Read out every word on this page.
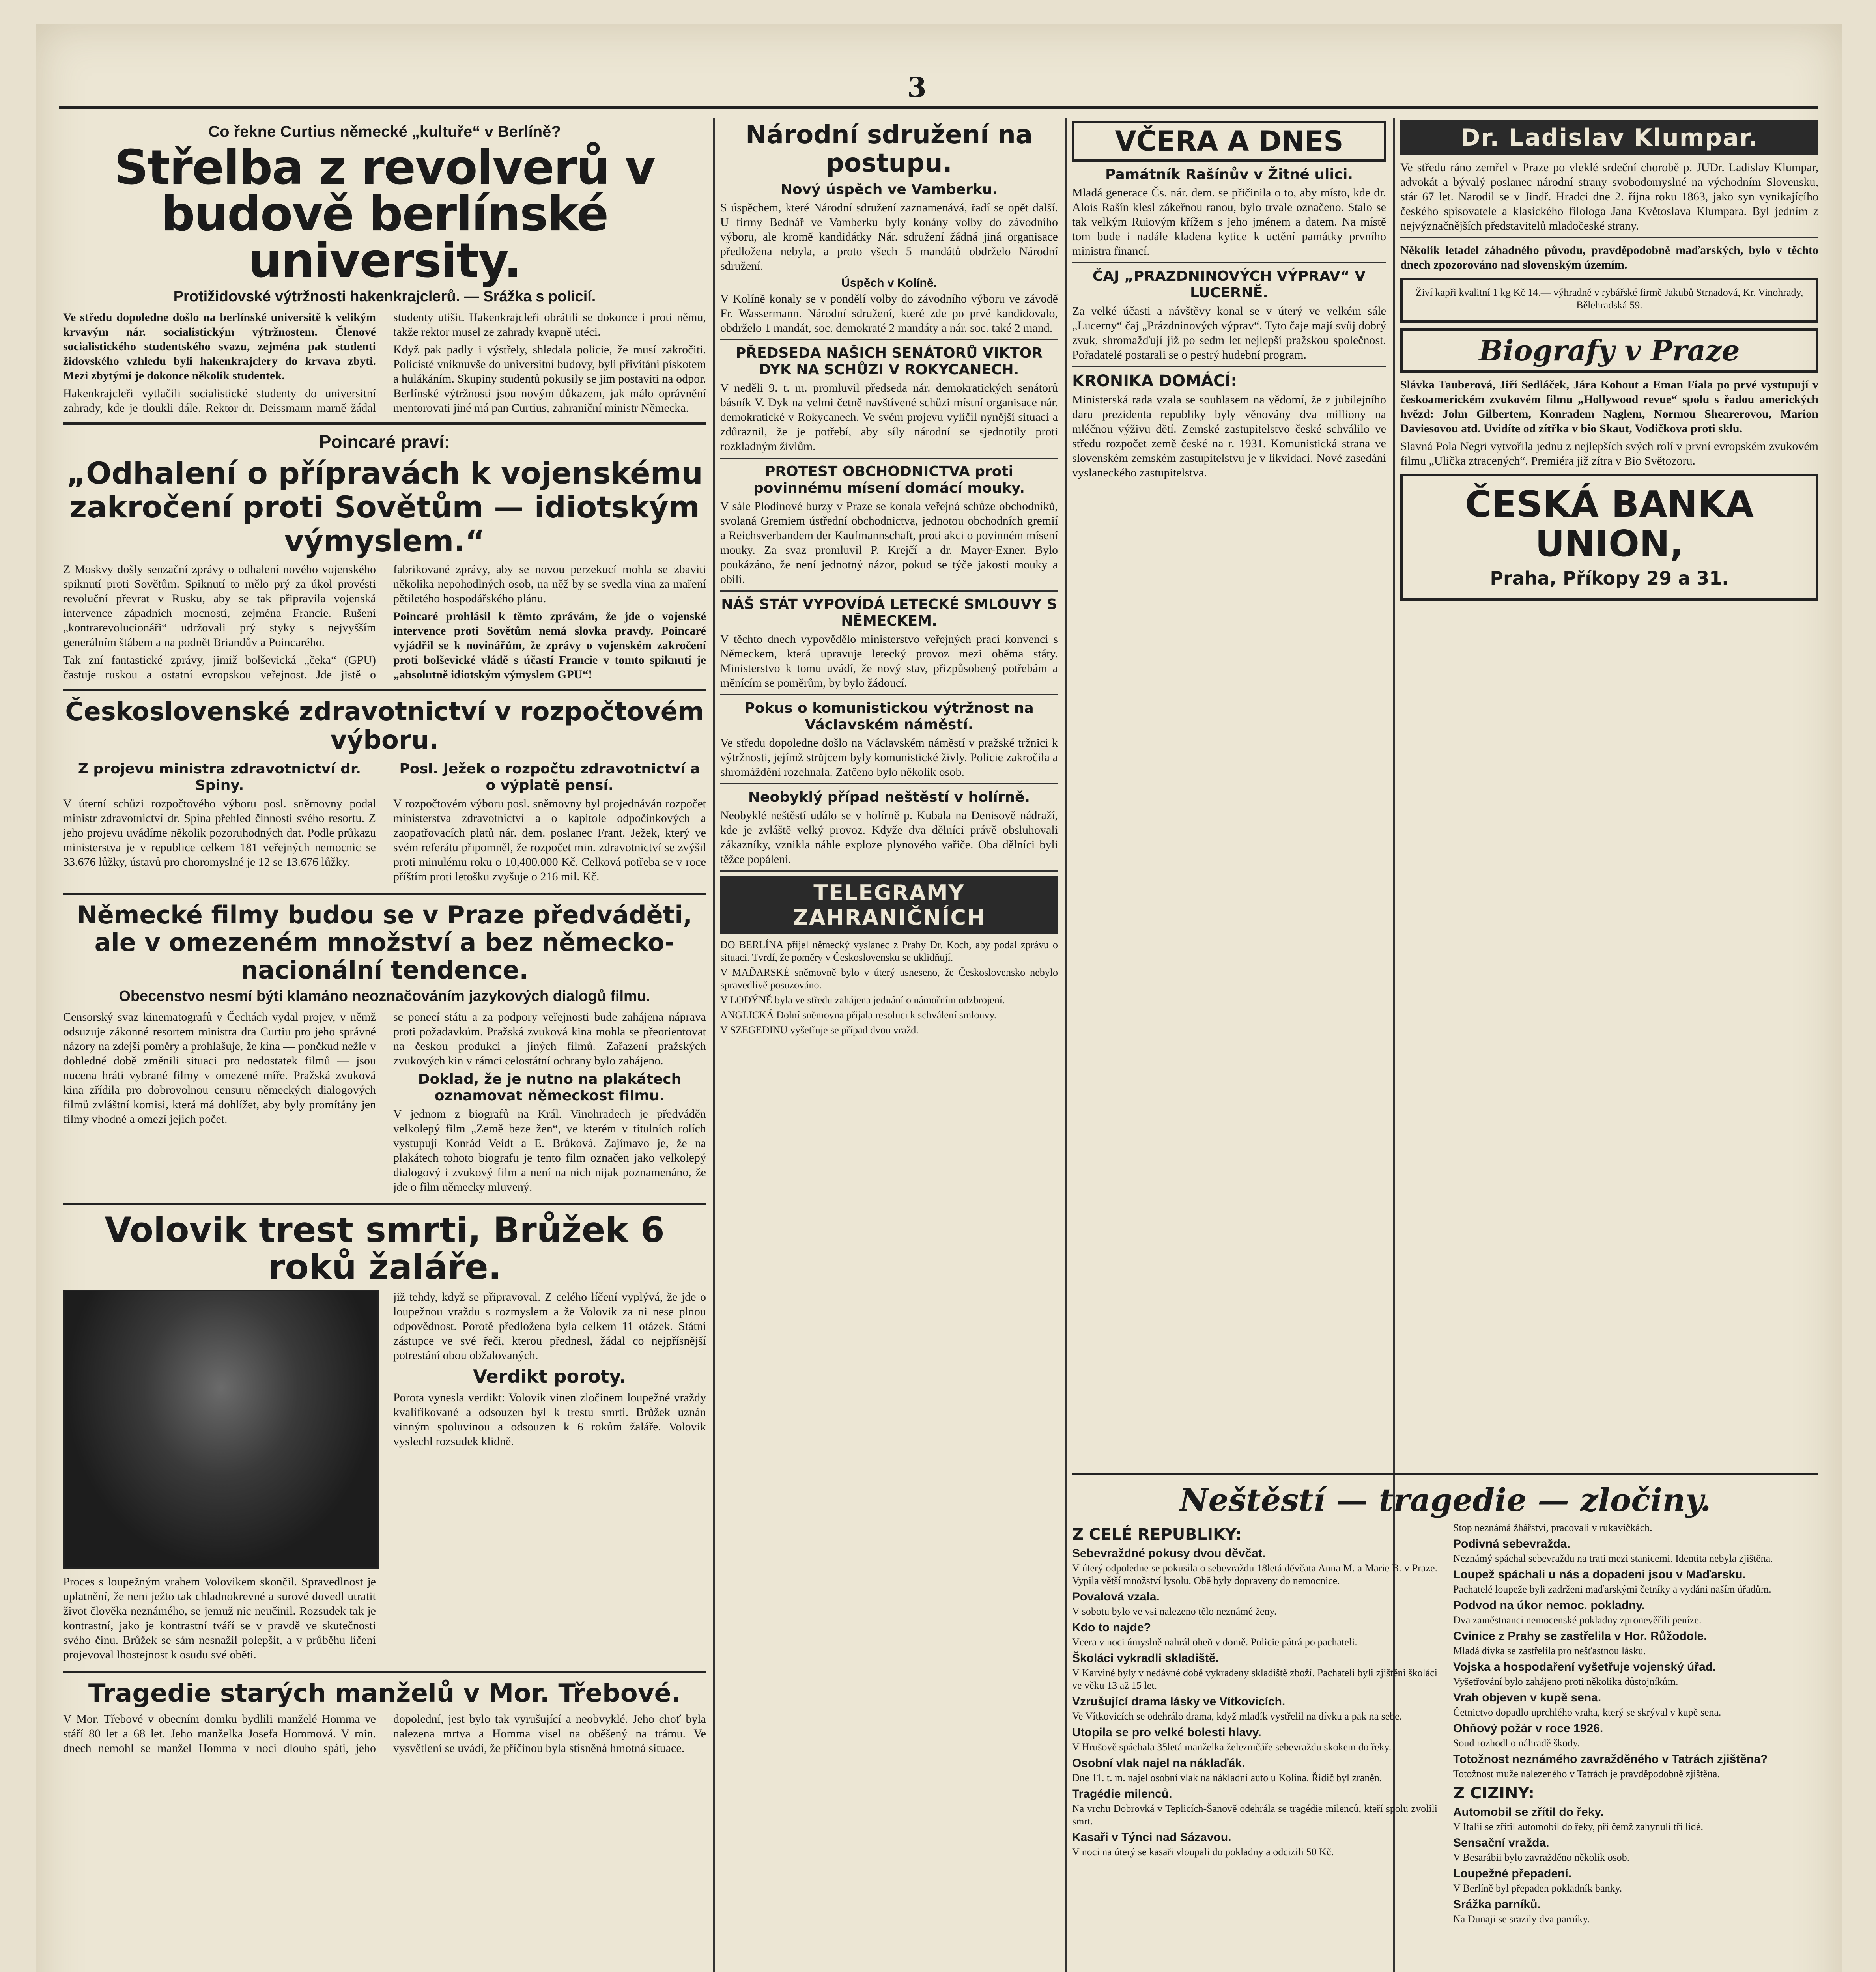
3
Co řekne Curtius německé „kultuře“ v Berlíně?
Střelba z revolverů v budově berlínské university.
Protižidovské výtržnosti hakenkrajclerů. — Srážka s policií.

Ve středu dopoledne došlo na berlínské universitě k velikým krvavým nár. socialistickým výtržnostem. Členové socialistického studentského svazu, zejména pak studenti židovského vzhledu byli hakenkrajclery do krvava zbyti. Mezi zbytými je dokonce několik studentek.

Hakenkrajcleři vytlačili socialistické studenty do universitní zahrady, kde je tloukli dále. Rektor dr. Deissmann marně žádal studenty utišit. Hakenkrajcleři obrátili se dokonce i proti němu, takže rektor musel ze zahrady kvapně utéci.

Když pak padly i výstřely, shledala policie, že musí zakročiti. Policisté vniknuvše do universitní budovy, byli přivítáni pískotem a hulákáním. Skupiny studentů pokusily se jim postaviti na odpor. Berlínské výtržnosti jsou novým důkazem, jak málo oprávnění mentorovati jiné má pan Curtius, zahraniční ministr Německa.

Poincaré praví:
„Odhalení o přípravách k vojenskému zakročení proti Sovětům — idiotským výmyslem.“

Z Moskvy došly senzační zprávy o odhalení nového vojenského spiknutí proti Sovětům. Spiknutí to mělo prý za úkol provésti revoluční převrat v Rusku, aby se tak připravila vojenská intervence západních mocností, zejména Francie. Rušení „kontrarevolucionáři“ udržovali prý styky s nejvyšším generálním štábem a na podnět Briandův a Poincarého.

Tak zní fantastické zprávy, jimiž bolševická „čeka“ (GPU) častuje ruskou a ostatní evropskou veřejnost. Jde jistě o fabrikované zprávy, aby se novou perzekucí mohla se zbaviti několika nepohodlných osob, na něž by se svedla vina za maření pětiletého hospodářského plánu.

Poincaré prohlásil k těmto zprávám, že jde o vojenské intervence proti Sovětům nemá slovka pravdy. Poincaré vyjádřil se k novinářům, že zprávy o vojenském zakročení proti bolševické vládě s účastí Francie v tomto spiknutí je „absolutně idiotským výmyslem GPU“!

Československé zdravotnictví v rozpočtovém výboru.
Z projevu ministra zdravotnictví dr. Spiny.

V úterní schůzi rozpočtového výboru posl. sněmovny podal ministr zdravotnictví dr. Spina přehled činnosti svého resortu. Z jeho projevu uvádíme několik pozoruhodných dat. Podle průkazu ministerstva je v republice celkem 181 veřejných nemocnic se 33.676 lůžky, ústavů pro choromyslné je 12 se 13.676 lůžky.

Posl. Ježek o rozpočtu zdravotnictví a o výplatě pensí.

V rozpočtovém výboru posl. sněmovny byl projednáván rozpočet ministerstva zdravotnictví a o kapitole odpočinkových a zaopatřovacích platů nár. dem. poslanec Frant. Ježek, který ve svém referátu připomněl, že rozpočet min. zdravotnictví se zvýšil proti minulému roku o 10,400.000 Kč. Celková potřeba se v roce příštím proti letošku zvyšuje o 216 mil. Kč.

Německé filmy budou se v Praze předváděti, ale v omezeném množství a bez německo-nacionální tendence.
Obecenstvo nesmí býti klamáno neoznačováním jazykových dialogů filmu.

Censorský svaz kinematografů v Čechách vydal projev, v němž odsuzuje zákonné resortem ministra dra Curtiu pro jeho správné názory na zdejší poměry a prohlašuje, že kina — pončkud nežle v dohledné době změnili situaci pro nedostatek filmů — jsou nucena hráti vybrané filmy v omezené míře. Pražská zvuková kina zřídila pro dobrovolnou censuru německých dialogových filmů zvláštní komisi, která má dohlížet, aby byly promítány jen filmy vhodné a omezí jejich počet.

se ponecí státu a za podpory veřejnosti bude zahájena náprava proti požadavkům. Pražská zvuková kina mohla se přeorientovat na českou produkci a jiných filmů. Zařazení pražských zvukových kin v rámci celostátní ochrany bylo zahájeno.

Doklad, že je nutno na plakátech oznamovat německost filmu.

V jednom z biografů na Král. Vinohradech je předváděn velkolepý film „Země beze žen“, ve kterém v titulních rolích vystupují Konrád Veidt a E. Brůková. Zajímavo je, že na plakátech tohoto biografu je tento film označen jako velkolepý dialogový i zvukový film a není na nich nijak poznamenáno, že jde o film německy mluvený.

Volovik trest smrti, Brůžek 6 roků žaláře.

Proces s loupežným vrahem Volovikem skončil. Spravedlnost je uplatnění, že neni ježto tak chladnokrevné a surové dovedl utratit život člověka neznámého, se jemuž nic neučinil. Rozsudek tak je kontrastní, jako je kontrastní tváří se v pravdě ve skutečnosti svého činu. Brůžek se sám nesnažil polepšit, a v průběhu líčení projevoval lhostejnost k osudu své oběti.

již tehdy, když se připravoval. Z celého líčení vyplývá, že jde o loupežnou vraždu s rozmyslem a že Volovik za ni nese plnou odpovědnost. Porotě předložena byla celkem 11 otázek. Státní zástupce ve své řeči, kterou přednesl, žádal co nejpřísnější potrestání obou obžalovaných.

Verdikt poroty.

Porota vynesla verdikt: Volovik vinen zločinem loupežné vraždy kvalifikované a odsouzen byl k trestu smrti. Brůžek uznán vinným spoluvinou a odsouzen k 6 rokům žaláře. Volovik vyslechl rozsudek klidně.

Tragedie starých manželů v Mor. Třebové.

V Mor. Třebové v obecním domku bydlili manželé Homma ve stáří 80 let a 68 let. Jeho manželka Josefa Hommová. V min. dnech nemohl se manžel Homma v noci dlouho spáti, jeho dopolední, jest bylo tak vyrušující a neobvyklé. Jeho choť byla nalezena mrtva a Homma visel na oběšený na trámu. Ve vysvětlení se uvádí, že příčinou byla stísněná hmotná situace.

Národní sdružení na postupu.
Nový úspěch ve Vamberku.

S úspěchem, které Národní sdružení zaznamenává, řadí se opět další. U firmy Bednář ve Vamberku byly konány volby do závodního výboru, ale kromě kandidátky Nár. sdružení žádná jiná organisace předložena nebyla, a proto všech 5 mandátů obdrželo Národní sdružení.

Úspěch v Kolíně.

V Kolíně konaly se v pondělí volby do závodního výboru ve závodě Fr. Wassermann. Národní sdružení, které zde po prvé kandidovalo, obdrželo 1 mandát, soc. demokraté 2 mandáty a nár. soc. také 2 mand.

PŘEDSEDA NAŠICH SENÁTORŮ VIKTOR DYK NA SCHŮZI V ROKYCANECH.

V neděli 9. t. m. promluvil předseda nár. demokratických senátorů básník V. Dyk na velmi četně navštívené schůzi místní organisace nár. demokratické v Rokycanech. Ve svém projevu vylíčil nynější situaci a zdůraznil, že je potřebí, aby síly národní se sjednotily proti rozkladným živlům.

PROTEST OBCHODNICTVA proti povinnému mísení domácí mouky.

V sále Plodinové burzy v Praze se konala veřejná schůze obchodníků, svolaná Gremiem ústřední obchodnictva, jednotou obchodních gremií a Reichsverbandem der Kaufmannschaft, proti akci o povinném mísení mouky. Za svaz promluvil P. Krejčí a dr. Mayer-Exner. Bylo poukázáno, že není jednotný názor, pokud se týče jakosti mouky a obilí.

NÁŠ STÁT VYPOVÍDÁ LETECKÉ SMLOUVY S NĚMECKEM.

V těchto dnech vypovědělo ministerstvo veřejných prací konvenci s Německem, která upravuje letecký provoz mezi oběma státy. Ministerstvo k tomu uvádí, že nový stav, přizpůsobený potřebám a měnícím se poměrům, by bylo žádoucí.

Pokus o komunistickou výtržnost na Václavském náměstí.

Ve středu dopoledne došlo na Václavském náměstí v pražské tržnici k výtržnosti, jejímž strůjcem byly komunistické živly. Policie zakročila a shromáždění rozehnala. Zatčeno bylo několik osob.

Neobyklý případ neštěstí v holírně.

Neobyklé neštěstí událo se v holírně p. Kubala na Denisově nádraží, kde je zvláště velký provoz. Kdyže dva dělníci právě obsluhovali zákazníky, vznikla náhle exploze plynového vařiče. Oba dělníci byli těžce popáleni.

TELEGRAMY ZAHRANIČNÍCH

DO BERLÍNA přijel německý vyslanec z Prahy Dr. Koch, aby podal zprávu o situaci. Tvrdí, že poměry v Československu se uklidňují.

V MAĎARSKÉ sněmovně bylo v úterý usneseno, že Československo nebylo spravedlivě posuzováno.

V LODÝNĚ byla ve středu zahájena jednání o námořním odzbrojení.

ANGLICKÁ Dolní sněmovna přijala resoluci k schválení smlouvy.

V SZEGEDINU vyšetřuje se případ dvou vražd.

VČERA A DNES
Památník Rašínův v Žitné ulici.

Mladá generace Čs. nár. dem. se přičinila o to, aby místo, kde dr. Alois Rašín klesl zákeřnou ranou, bylo trvale označeno. Stalo se tak velkým Ruiovým křížem s jeho jménem a datem. Na místě tom bude i nadále kladena kytice k uctění památky prvního ministra financí.

ČAJ „PRAZDNINOVÝCH VÝPRAV“ V LUCERNĚ.

Za velké účasti a návštěvy konal se v úterý ve velkém sále „Lucerny“ čaj „Prázdninových výprav“. Tyto čaje mají svůj dobrý zvuk, shromažďují již po sedm let nejlepší pražskou společnost. Pořadatelé postarali se o pestrý hudební program.

KRONIKA DOMÁCÍ:

Ministerská rada vzala se souhlasem na vědomí, že z jubilejního daru prezidenta republiky byly věnovány dva milliony na mléčnou výživu dětí. Zemské zastupitelstvo české schválilo ve středu rozpočet země české na r. 1931. Komunistická strana ve slovenském zemském zastupitelstvu je v likvidaci. Nové zasedání vyslaneckého zastupitelstva.

Dr. Ladislav Klumpar.

Ve středu ráno zemřel v Praze po vleklé srdeční chorobě p. JUDr. Ladislav Klumpar, advokát a bývalý poslanec národní strany svobodomyslné na východním Slovensku, stár 67 let. Narodil se v Jindř. Hradci dne 2. října roku 1863, jako syn vynikajícího českého spisovatele a klasického filologa Jana Květoslava Klumpara. Byl jedním z nejvýznačnějších představitelů mladočeské strany.

Několik letadel záhadného původu, pravděpodobně maďarských, bylo v těchto dnech zpozorováno nad slovenským územím.

Živí kapři kvalitní 1 kg Kč 14.— výhradně v rybářské firmě Jakubů Strnadová, Kr. Vinohrady, Bělehradská 59.

Biografy v Praze

Slávka Tauberová, Jiří Sedláček, Jára Kohout a Eman Fiala po prvé vystupují v českoamerickém zvukovém filmu „Hollywood revue“ spolu s řadou amerických hvězd: John Gilbertem, Konradem Naglem, Normou Shearerovou, Marion Daviesovou atd. Uvidíte od zítřka v bio Skaut, Vodičkova proti sklu.

Slavná Pola Negri vytvořila jednu z nejlepších svých rolí v první evropském zvukovém filmu „Ulička ztracených“. Premiéra již zítra v Bio Světozoru.

ČESKÁ BANKA UNION,
Praha, Příkopy 29 a 31.
Neštěstí — tragedie — zločiny.
Z CELÉ REPUBLIKY:
Sebevraždné pokusy dvou děvčat.

V úterý odpoledne se pokusila o sebevraždu 18letá děvčata Anna M. a Marie B. v Praze. Vypila větší množství lysolu. Obě byly dopraveny do nemocnice.

Povalová vzala.

V sobotu bylo ve vsi nalezeno tělo neznámé ženy.

Kdo to najde?

Vcera v noci úmyslně nahrál oheň v domě. Policie pátrá po pachateli.

Školáci vykradli skladiště.

V Karviné byly v nedávné době vykradeny skladiště zboží. Pachateli byli zjištěni školáci ve věku 13 až 15 let.

Vzrušující drama lásky ve Vítkovicích.

Ve Vítkovicích se odehrálo drama, když mladík vystřelil na dívku a pak na sebe.

Utopila se pro velké bolesti hlavy.

V Hrušově spáchala 35letá manželka železničáře sebevraždu skokem do řeky.

Osobní vlak najel na náklaďák.

Dne 11. t. m. najel osobní vlak na nákladní auto u Kolína. Řidič byl zraněn.

Tragédie milenců.

Na vrchu Dobrovká v Teplicích-Šanově odehrála se tragédie milenců, kteří spolu zvolili smrt.

Kasaři v Týnci nad Sázavou.

V noci na úterý se kasaři vloupali do pokladny a odcizili 50 Kč.

Stop neznámá žhářství, pracovali v rukavičkách.

Podivná sebevražda.

Neznámý spáchal sebevraždu na trati mezi stanicemi. Identita nebyla zjištěna.

Loupež spáchali u nás a dopadeni jsou v Maďarsku.

Pachatelé loupeže byli zadrženi maďarskými četníky a vydáni naším úřadům.

Podvod na úkor nemoc. pokladny.

Dva zaměstnanci nemocenské pokladny zpronevěřili peníze.

Cvinice z Prahy se zastřelila v Hor. Růžodole.

Mladá dívka se zastřelila pro nešťastnou lásku.

Vojska a hospodaření vyšetřuje vojenský úřad.

Vyšetřování bylo zahájeno proti několika důstojníkům.

Vrah objeven v kupě sena.

Četnictvo dopadlo uprchlého vraha, který se skrýval v kupě sena.

Ohňový požár v roce 1926.

Soud rozhodl o náhradě škody.

Totožnost neznámého zavražděného v Tatrách zjištěna?

Totožnost muže nalezeného v Tatrách je pravděpodobně zjištěna.

Z CIZINY:
Automobil se zřítil do řeky.

V Italii se zřítil automobil do řeky, při čemž zahynuli tři lidé.

Sensační vražda.

V Besarábii bylo zavražděno několik osob.

Loupežné přepadení.

V Berlíně byl přepaden pokladník banky.

Srážka parníků.

Na Dunaji se srazily dva parníky.
